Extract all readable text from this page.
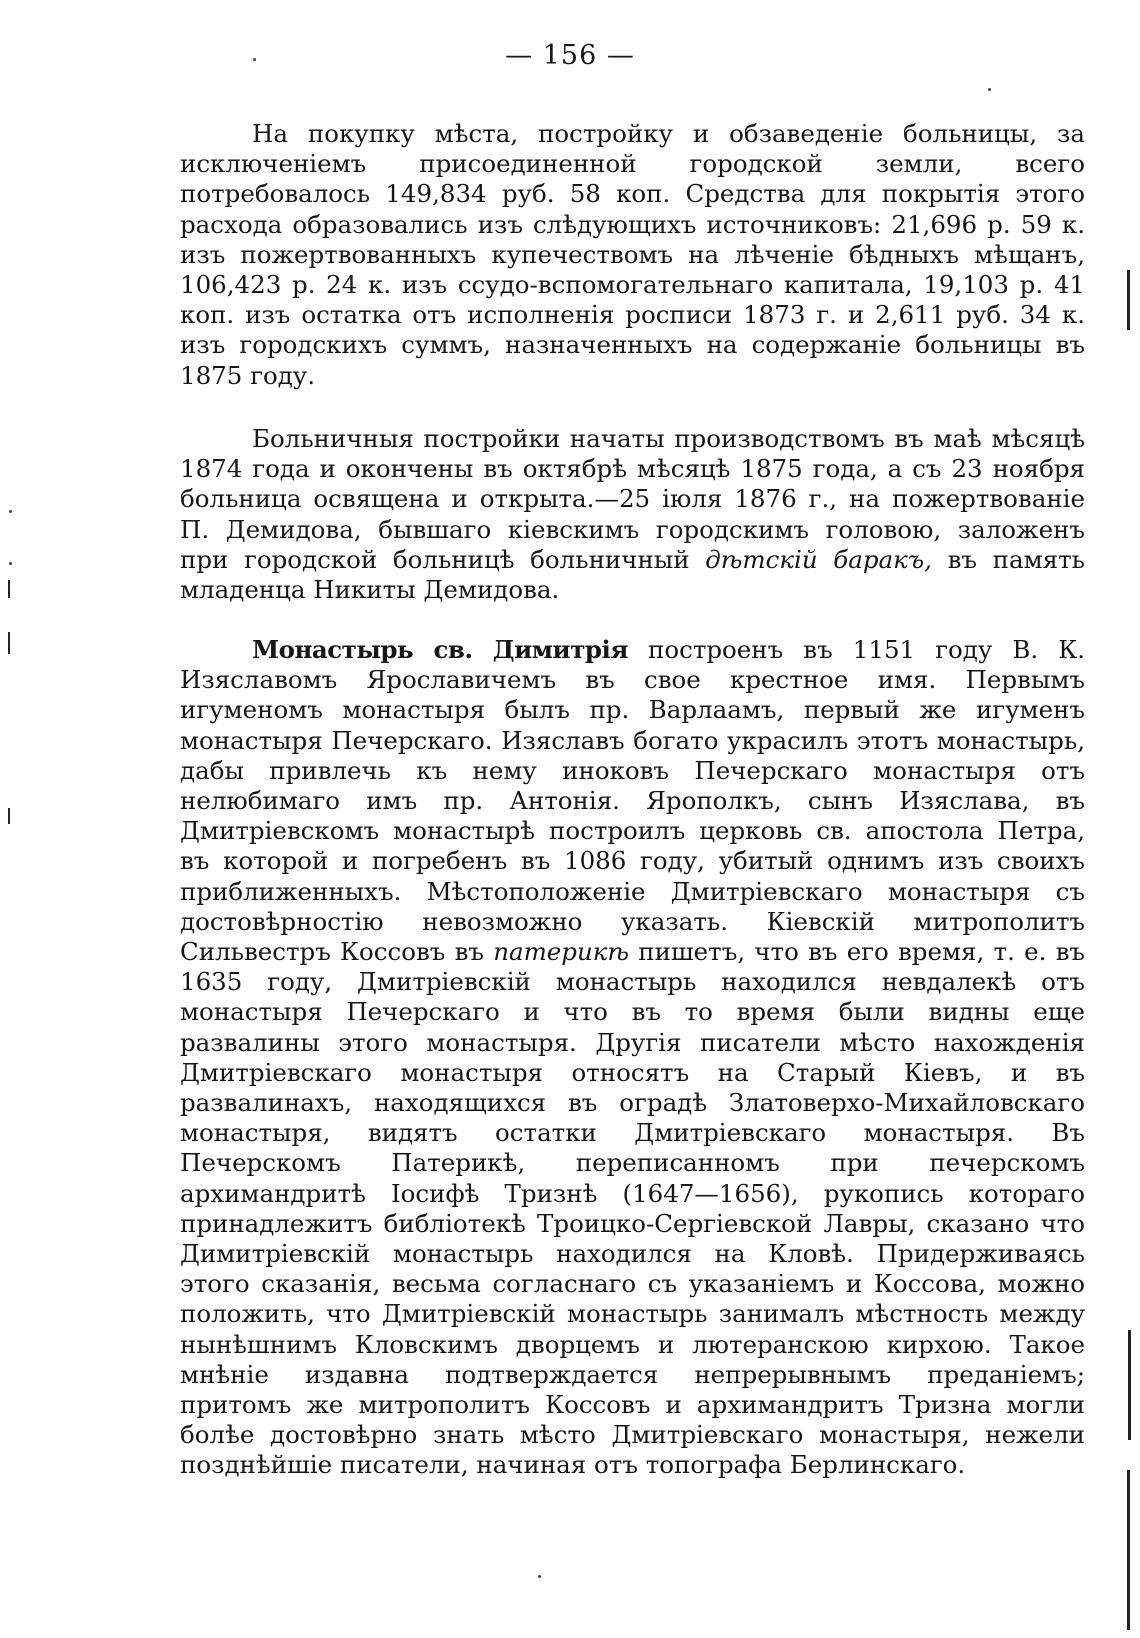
— 156 —
На покупку мѣста, постройку и обзаведеніе больницы, за исключеніемъ присоединенной городской земли, всего потребовалось 149,834 руб. 58 коп. Средства для покрытія этого расхода образовались изъ слѣдующихъ источниковъ: 21,696 р. 59 к. изъ пожертвованныхъ купечествомъ на лѣченіе бѣдныхъ мѣщанъ, 106,423 р. 24 к. изъ ссудо-вспомогательнаго капитала, 19,103 р. 41 коп. изъ остатка отъ исполненія росписи 1873 г. и 2,611 руб. 34 к. изъ городскихъ суммъ, назначенныхъ на содержаніе больницы въ 1875 году.
Больничныя постройки начаты производствомъ въ маѣ мѣсяцѣ 1874 года и окончены въ октябрѣ мѣсяцѣ 1875 года, а съ 23 ноября больница освящена и открыта.—25 іюля 1876 г., на пожертвованіе П. Демидова, бывшаго кіевскимъ городскимъ головою, заложенъ при городской больницѣ больничный дѣтскій баракъ, въ память младенца Никиты Демидова.
Монастырь св. Димитрія построенъ въ 1151 году В. К. Изяславомъ Ярославичемъ въ свое крестное имя. Первымъ игуменомъ монастыря былъ пр. Варлаамъ, первый же игуменъ монастыря Печерскаго. Изяславъ богато украсилъ этотъ монастырь, дабы привлечь къ нему иноковъ Печерскаго монастыря отъ нелюбимаго имъ пр. Антонія. Ярополкъ, сынъ Изяслава, въ Дмитріевскомъ монастырѣ построилъ церковь св. апостола Петра, въ которой и погребенъ въ 1086 году, убитый однимъ изъ своихъ приближенныхъ. Мѣстоположеніе Дмитріевскаго монастыря съ достовѣрностію невозможно указать. Кіевскій митрополитъ Сильвестръ Коссовъ въ патерикѣ пишетъ, что въ его время, т. е. въ 1635 году, Дмитріевскій монастырь находился невдалекѣ отъ монастыря Печерскаго и что въ то время были видны еще развалины этого монастыря. Другія писатели мѣсто нахожденія Дмитріевскаго монастыря относятъ на Старый Кіевъ, и въ развалинахъ, находящихся въ оградѣ Златоверхо-Михайловскаго монастыря, видятъ остатки Дмитріевскаго монастыря. Въ Печерскомъ Патерикѣ, переписанномъ при печерскомъ архимандритѣ Іосифѣ Тризнѣ (1647—1656), рукопись котораго принадлежитъ библіотекѣ Троицко-Сергіевской Лавры, сказано что Димитріевскій монастырь находился на Кловѣ. Придерживаясь этого сказанія, весьма согласнаго съ указаніемъ и Коссова, можно положить, что Дмитріевскій монастырь занималъ мѣстность между нынѣшнимъ Кловскимъ дворцемъ и лютеранскою кирхою. Такое мнѣніе издавна подтверждается непрерывнымъ преданіемъ; притомъ же митрополитъ Коссовъ и архимандритъ Тризна могли болѣе достовѣрно знать мѣсто Дмитріевскаго монастыря, нежели позднѣйшіе писатели, начиная отъ топографа Берлинскаго.
